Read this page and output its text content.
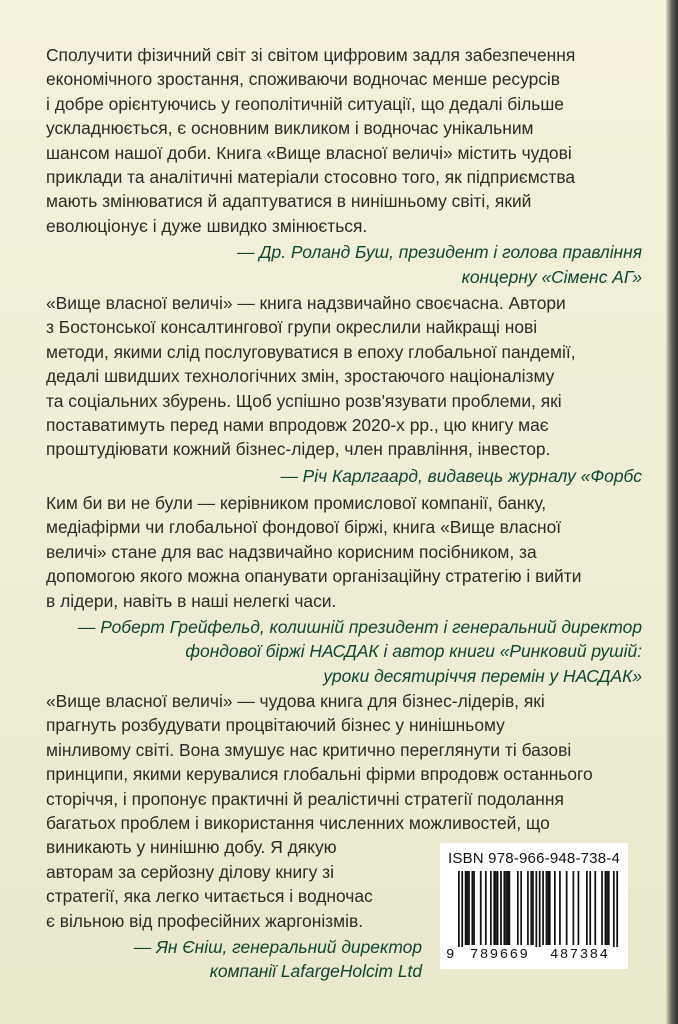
Сполучити фізичний світ зі світом цифровим задля забезпечення
економічного зростання, споживаючи водночас менше ресурсів
і добре орієнтуючись у геополітичній ситуації, що дедалі більше
ускладнюється, є основним викликом і водночас унікальним
шансом нашої доби. Книга «Вище власної величі» містить чудові
приклади та аналітичні матеріали стосовно того, як підприємства
мають змінюватися й адаптуватися в нинішньому світі, який
еволюціонує і дуже швидко змінюється.

— Др. Роланд Буш, президент і голова правління
концерну «Сіменс АГ»

«Вище власної величі» — книга надзвичайно своєчасна. Автори
з Бостонської консалтингової групи окреслили найкращі нові
методи, якими слід послуговуватися в епоху глобальної пандемії,
дедалі швидших технологічних змін, зростаючого націоналізму
та соціальних збурень. Щоб успішно розв'язувати проблеми, які
поставатимуть перед нами впродовж 2020-х рр., цю книгу має
проштудіювати кожний бізнес-лідер, член правління, інвестор.

— Річ Карлгаард, видавець журналу «Форбс

Ким би ви не були — керівником промислової компанії, банку,
медіафірми чи глобальної фондової біржі, книга «Вище власної
величі» стане для вас надзвичайно корисним посібником, за
допомогою якого можна опанувати організаційну стратегію і вийти
в лідери, навіть в наші нелегкі часи.

— Роберт Грейфельд, колишній президент і генеральний директор
фондової біржі НАСДАК і автор книги «Ринковий рушій:
уроки десятиріччя перемін у НАСДАК»

«Вище власної величі» — чудова книга для бізнес-лідерів, які
прагнуть розбудувати процвітаючий бізнес у нинішньому
мінливому світі. Вона змушує нас критично переглянути ті базові
принципи, якими керувалися глобальні фірми впродовж останнього
сторіччя, і пропонує практичні й реалістичні стратегії подолання
багатьох проблем і використання численних можливостей, що
виникають у нинішню добу. Я дякую
авторам за серйозну ділову книгу зі
стратегії, яка легко читається і водночас
є вільною від професійних жаргонізмів.

— Ян Єніш, генеральний директор
компанії LafargeHolcim Ltd

ISBN 978-966-948-738-4
9 789669 487384
